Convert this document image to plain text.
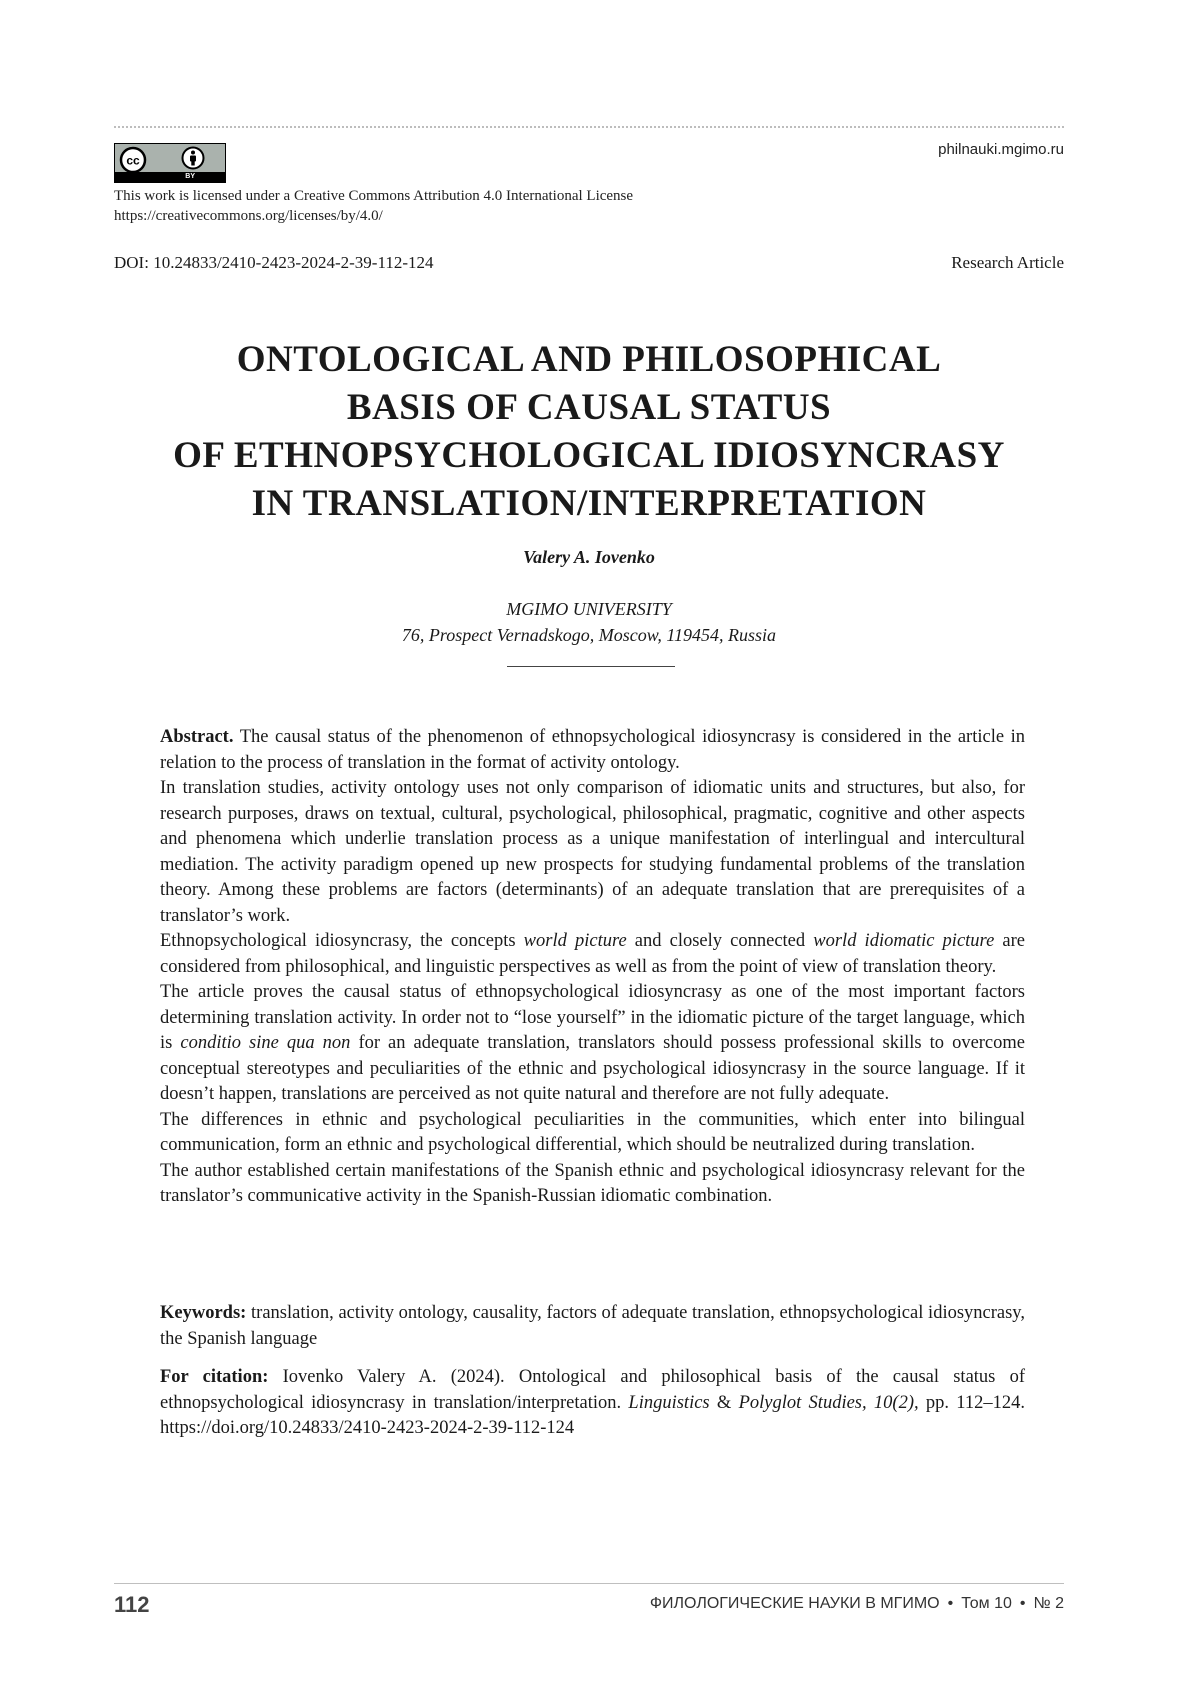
cc
BY
philnauki.mgimo.ru
This work is licensed under a Creative Commons Attribution 4.0 International License
https://creativecommons.org/licenses/by/4.0/
DOI: 10.24833/2410-2423-2024-2-39-112-124	Research Article
ONTOLOGICAL AND PHILOSOPHICAL
BASIS OF CAUSAL STATUS
OF ETHNOPSYCHOLOGICAL IDIOSYNCRASY
IN TRANSLATION/INTERPRETATION
Valery A. Iovenko
MGIMO UNIVERSITY
76, Prospect Vernadskogo, Moscow, 119454, Russia

Abstract. The causal status of the phenomenon of ethnopsychological idiosyncrasy is considered in the article in relation to the process of translation in the format of activity ontology.

In translation studies, activity ontology uses not only comparison of idiomatic units and structures, but also, for research purposes, draws on textual, cultural, psychological, philosophical, pragmatic, cognitive and other aspects and phenomena which underlie translation process as a unique manifestation of interlingual and intercultural mediation. The activity paradigm opened up new prospects for studying fundamental problems of the translation theory. Among these problems are factors (determinants) of an adequate translation that are prerequisites of a translator’s work.

Ethnopsychological idiosyncrasy, the concepts world picture and closely connected world idiomatic picture are considered from philosophical, and linguistic perspectives as well as from the point of view of translation theory.

The article proves the causal status of ethnopsychological idiosyncrasy as one of the most important factors determining translation activity. In order not to “lose yourself” in the idiomatic picture of the target language, which is conditio sine qua non for an adequate translation, translators should possess professional skills to overcome conceptual stereotypes and peculiarities of the ethnic and psychological idiosyncrasy in the source language. If it doesn’t happen, translations are perceived as not quite natural and therefore are not fully adequate.

The differences in ethnic and psychological peculiarities in the communities, which enter into bilingual communication, form an ethnic and psychological differential, which should be neutralized during translation.

The author established certain manifestations of the Spanish ethnic and psychological idiosyncrasy relevant for the translator’s communicative activity in the Spanish-Russian idiomatic combination.

Keywords: translation, activity ontology, causality, factors of adequate translation, ethnopsychological idiosyncrasy, the Spanish language

For citation: Iovenko Valery A. (2024). Ontological and philosophical basis of the causal status of ethnopsychological idiosyncrasy in translation/interpretation. Linguistics & Polyglot Studies, 10(2), pp. 112–124. https://doi.org/10.24833/2410-2423-2024-2-39-112-124

112	ФИЛОЛОГИЧЕСКИЕ НАУКИ В МГИМО • Том 10 • № 2
